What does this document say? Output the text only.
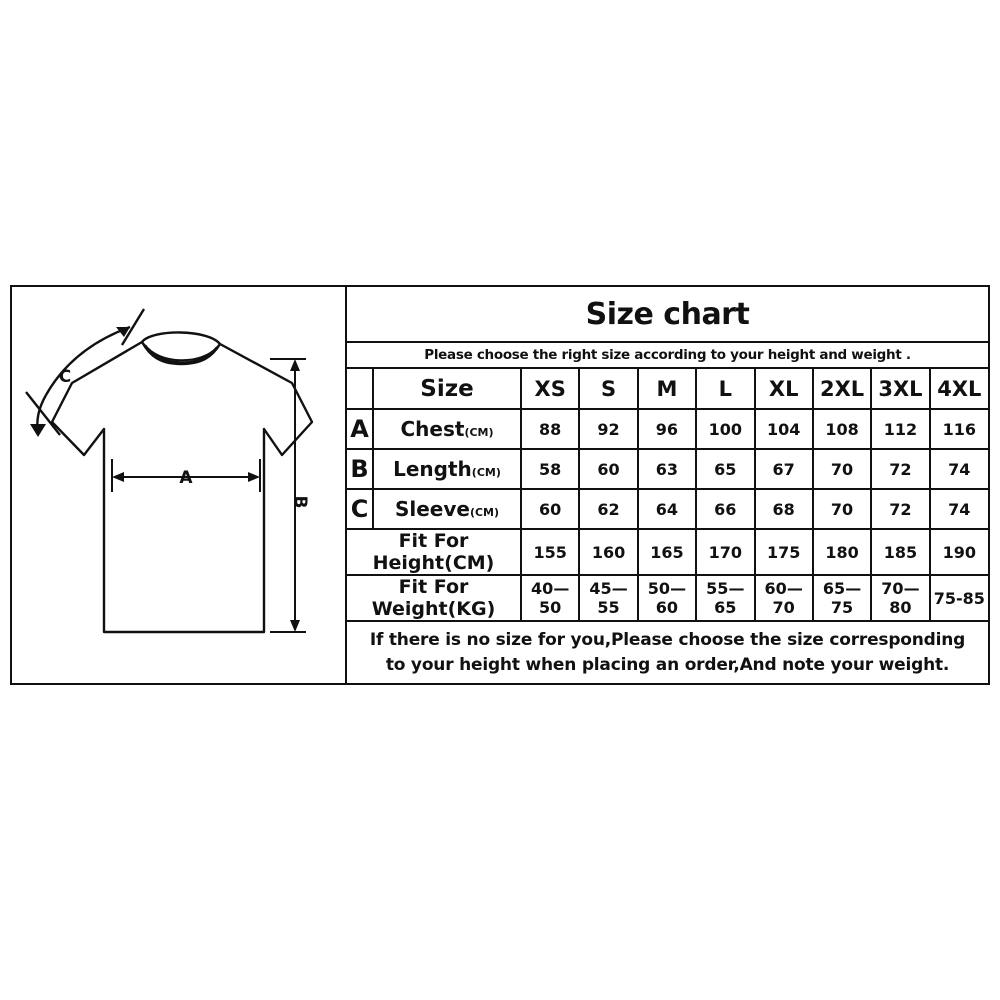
A
B
C
Size chart
Please choose the right size according to your height and weight .
	Size	XS	S	M	L	XL	2XL	3XL	4XL
A	Chest(CM)	88	92	96	100	104	108	112	116
B	Length(CM)	58	60	63	65	67	70	72	74
C	Sleeve(CM)	60	62	64	66	68	70	72	74
Fit For Height(CM)		155	160	165	170	175	180	185	190
Fit For Weight(KG)		40—50	45—55	50—60	55—65	60—70	65—75	70—80	75-85
If there is no size for you,Please choose the size corresponding to your height when placing an order,And note your weight.
